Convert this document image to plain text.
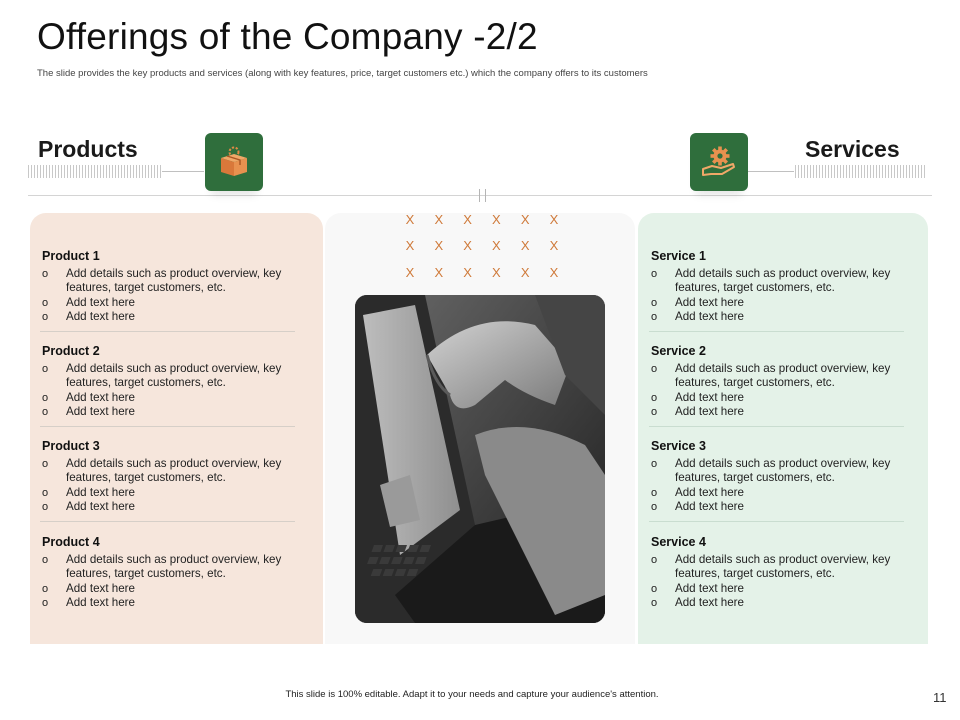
Offerings of the Company -2/2
The slide provides the key products and services (along with key features, price, target customers etc.) which the company offers to its customers
Products	Services
X X X X X X
X X X X X X
X X X X X X
Product 1
o Add details such as product overview, key features, target customers, etc.
o Add text here
o Add text here
Product 2
o Add details such as product overview, key features, target customers, etc.
o Add text here
o Add text here
Product 3
o Add details such as product overview, key features, target customers, etc.
o Add text here
o Add text here
Product 4
o Add details such as product overview, key features, target customers, etc.
o Add text here
o Add text here
Service 1
o Add details such as product overview, key features, target customers, etc.
o Add text here
o Add text here
Service 2
o Add details such as product overview, key features, target customers, etc.
o Add text here
o Add text here
Service 3
o Add details such as product overview, key features, target customers, etc.
o Add text here
o Add text here
Service 4
o Add details such as product overview, key features, target customers, etc.
o Add text here
o Add text here
This slide is 100% editable. Adapt it to your needs and capture your audience's attention.	11
